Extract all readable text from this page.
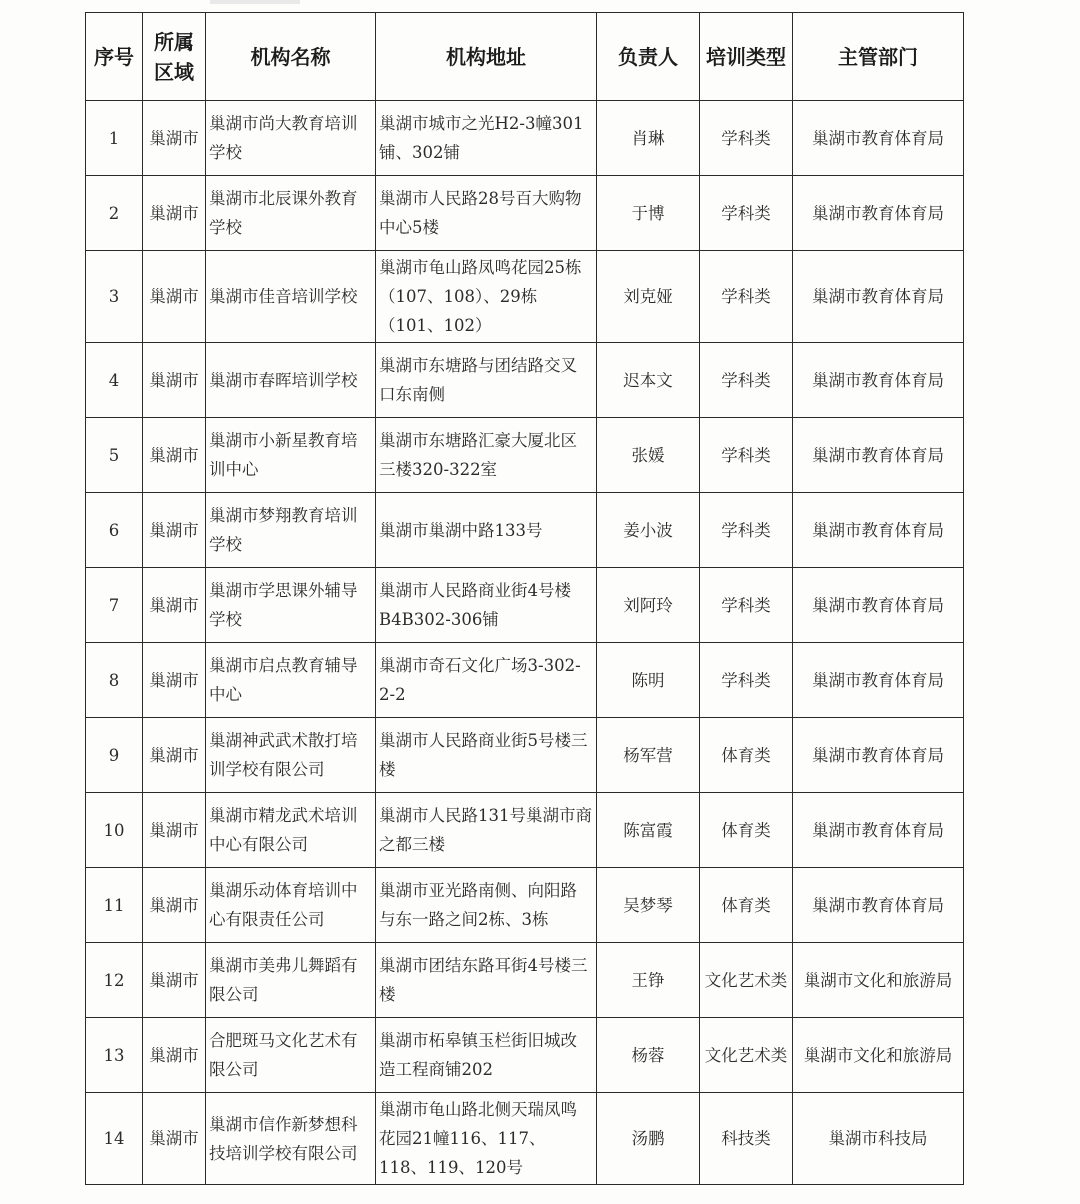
序号	所属区域	机构名称	机构地址	负责人	培训类型	主管部门
1	巢湖市	巢湖市尚大教育培训学校	巢湖市城市之光H2-3幢301铺、302铺	肖琳	学科类	巢湖市教育体育局
2	巢湖市	巢湖市北辰课外教育学校	巢湖市人民路28号百大购物中心5楼	于博	学科类	巢湖市教育体育局
3	巢湖市	巢湖市佳音培训学校	巢湖市龟山路凤鸣花园25栋（107、108）、29栋（101、102）	刘克娅	学科类	巢湖市教育体育局
4	巢湖市	巢湖市春晖培训学校	巢湖市东塘路与团结路交叉口东南侧	迟本文	学科类	巢湖市教育体育局
5	巢湖市	巢湖市小新星教育培训中心	巢湖市东塘路汇豪大厦北区三楼320-322室	张媛	学科类	巢湖市教育体育局
6	巢湖市	巢湖市梦翔教育培训学校	巢湖市巢湖中路133号	姜小波	学科类	巢湖市教育体育局
7	巢湖市	巢湖市学思课外辅导学校	巢湖市人民路商业街4号楼B4B302-306铺	刘阿玲	学科类	巢湖市教育体育局
8	巢湖市	巢湖市启点教育辅导中心	巢湖市奇石文化广场3-302-2-2	陈明	学科类	巢湖市教育体育局
9	巢湖市	巢湖神武武术散打培训学校有限公司	巢湖市人民路商业街5号楼三楼	杨军营	体育类	巢湖市教育体育局
10	巢湖市	巢湖市精龙武术培训中心有限公司	巢湖市人民路131号巢湖市商之都三楼	陈富霞	体育类	巢湖市教育体育局
11	巢湖市	巢湖乐动体育培训中心有限责任公司	巢湖市亚光路南侧、向阳路与东一路之间2栋、3栋	吴梦琴	体育类	巢湖市教育体育局
12	巢湖市	巢湖市美弗儿舞蹈有限公司	巢湖市团结东路耳街4号楼三楼	王铮	文化艺术类	巢湖市文化和旅游局
13	巢湖市	合肥斑马文化艺术有限公司	巢湖市柘皋镇玉栏街旧城改造工程商铺202	杨蓉	文化艺术类	巢湖市文化和旅游局
14	巢湖市	巢湖市信作新梦想科技培训学校有限公司	巢湖市龟山路北侧天瑞凤鸣花园21幢116、117、118、119、120号	汤鹏	科技类	巢湖市科技局
